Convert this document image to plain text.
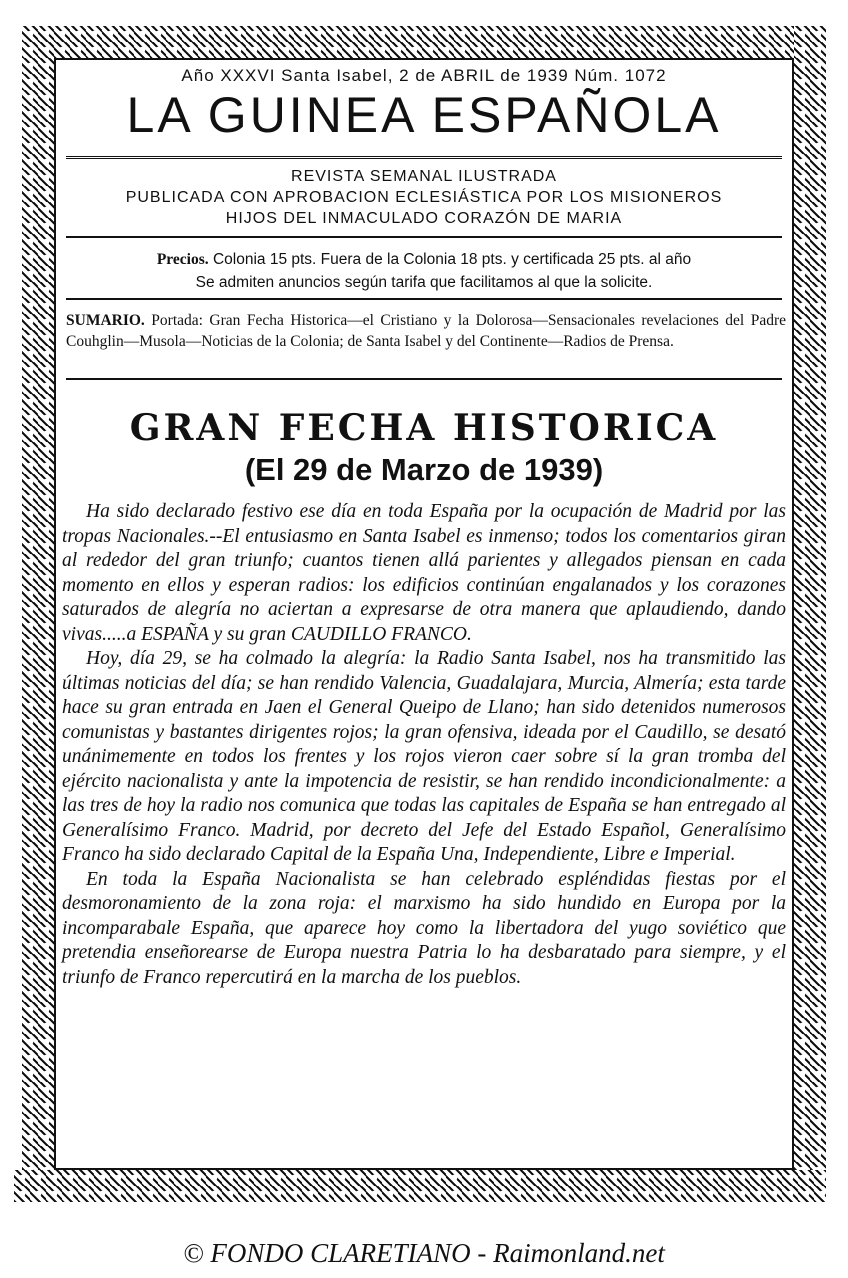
Año XXXVI Santa Isabel, 2 de ABRIL de 1939 Núm. 1072
LA GUINEA ESPAÑOLA
REVISTA SEMANAL ILUSTRADA
PUBLICADA CON APROBACION ECLESIÁSTICA POR LOS MISIONEROS
HIJOS DEL INMACULADO CORAZÓN DE MARIA
Precios. Colonia 15 pts. Fuera de la Colonia 18 pts. y certificada 25 pts. al año
Se admiten anuncios según tarifa que facilitamos al que la solicite.
SUMARIO. Portada: Gran Fecha Historica—el Cristiano y la Dolorosa—Sensacionales revelaciones del Padre Couhglin—Musola—Noticias de la Colonia; de Santa Isabel y del Continente—Radios de Prensa.
GRAN FECHA HISTORICA
(El 29 de Marzo de 1939)

Ha sido declarado festivo ese día en toda España por la ocupación de Madrid por las tropas Nacionales.--El entusiasmo en Santa Isabel es inmenso; todos los comentarios giran al rededor del gran triunfo; cuantos tienen allá parientes y allegados piensan en cada momento en ellos y esperan radios: los edificios continúan engalanados y los corazones saturados de alegría no aciertan a expresarse de otra manera que aplaudiendo, dando vivas.....a ESPAÑA y su gran CAUDILLO FRANCO.

Hoy, día 29, se ha colmado la alegría: la Radio Santa Isabel, nos ha transmitido las últimas noticias del día; se han rendido Valencia, Guadalajara, Murcia, Almería; esta tarde hace su gran entrada en Jaen el General Queipo de Llano; han sido detenidos numerosos comunistas y bastantes dirigentes rojos; la gran ofensiva, ideada por el Caudillo, se desató unánimemente en todos los frentes y los rojos vieron caer sobre sí la gran tromba del ejército nacionalista y ante la impotencia de resistir, se han rendido incondicionalmente: a las tres de hoy la radio nos comunica que todas las capitales de España se han entregado al Generalísimo Franco. Madrid, por decreto del Jefe del Estado Español, Generalísimo Franco ha sido declarado Capital de la España Una, Independiente, Libre e Imperial.

En toda la España Nacionalista se han celebrado espléndidas fiestas por el desmoronamiento de la zona roja: el marxismo ha sido hundido en Europa por la incomparabale España, que aparece hoy como la libertadora del yugo soviético que pretendia enseñorearse de Europa nuestra Patria lo ha desbaratado para siempre, y el triunfo de Franco repercutirá en la marcha de los pueblos.

© FONDO CLARETIANO - Raimonland.net
